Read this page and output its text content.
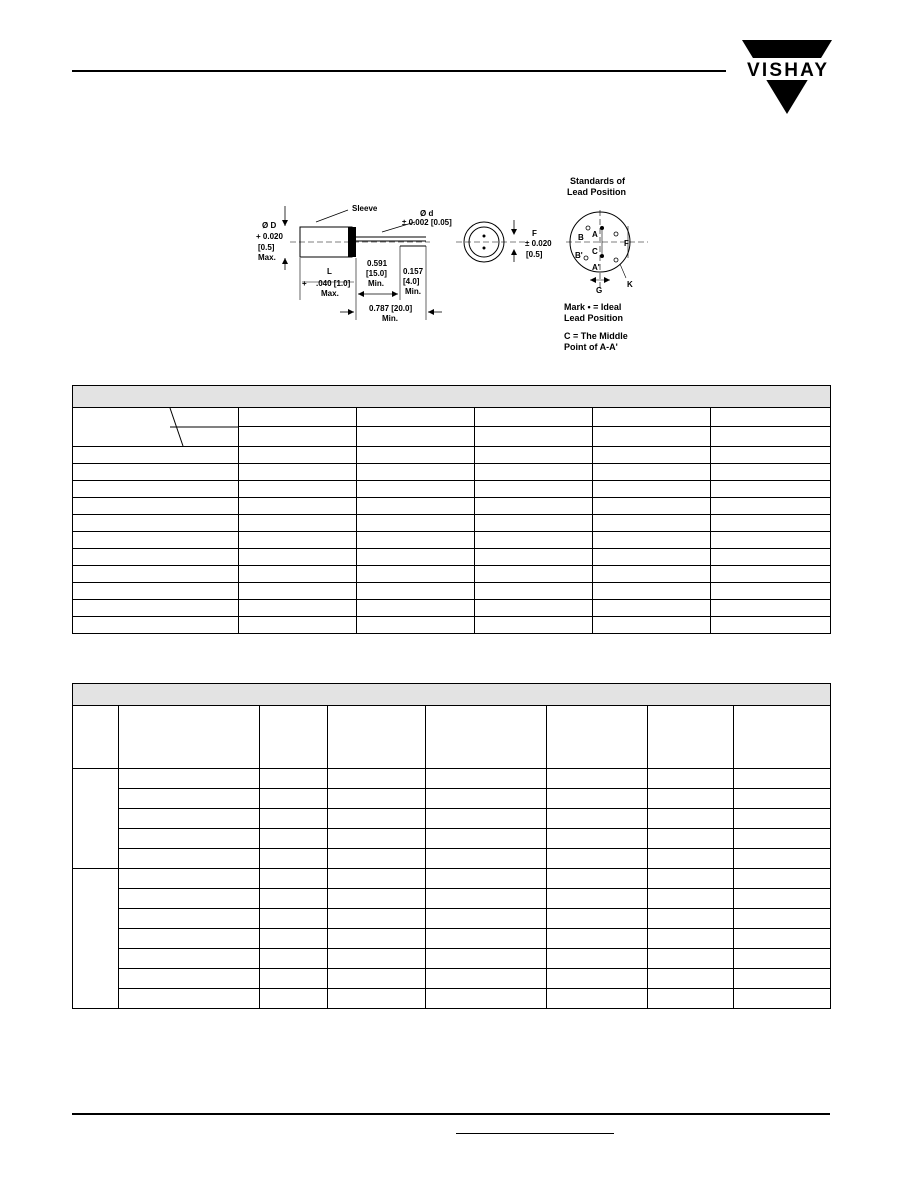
VISHAY
Ø D
+ 0.020
[0.5]
Max.
Sleeve
Ø d
± 0.002 [0.05]
L
+ .040 [1.0]
Max.
0.591
[15.0]
Min.
0.157
[4.0]
Min.
0.787 [20.0]
Min.
F
± 0.020
[0.5]
Standards of
Lead Position
A
B
C
B'
A'
F
G
K
Mark • = Ideal
Lead Position
C = The Middle
Point of A-A'
